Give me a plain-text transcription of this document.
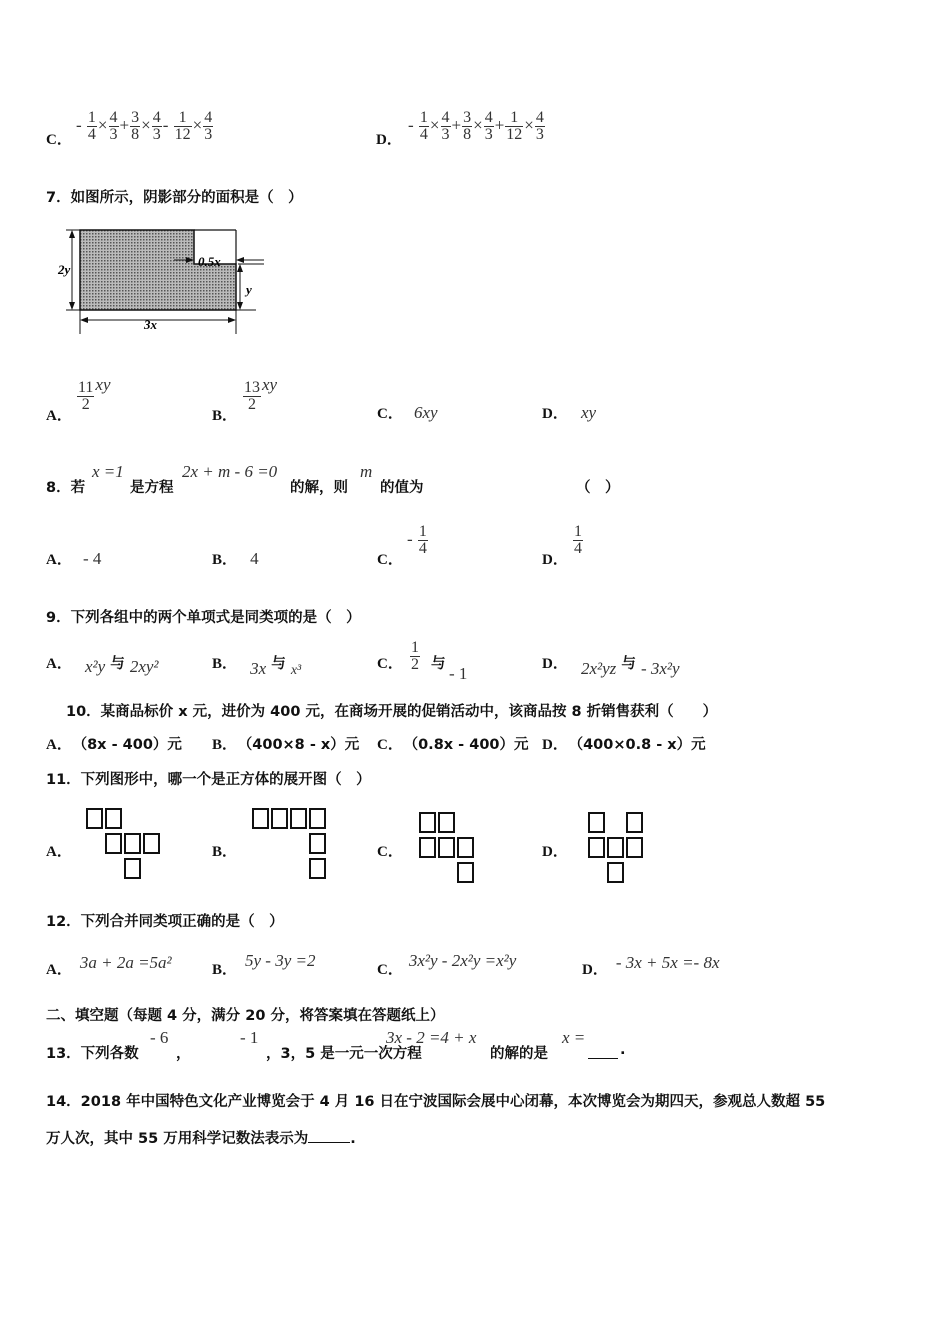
C．
- $\frac{1}{4} \times \frac{4}{3} + \frac{3}{8} \times \frac{4}{3} - \frac{1}{12} \times \frac{4}{3}$	D．
- $\frac{1}{4} \times \frac{4}{3} + \frac{3}{8} \times \frac{4}{3} + \frac{1}{12} \times \frac{4}{3}$
7．如图所示，阴影部分的面积是（　）
2y
0.5x
y
3x
A．
$\frac{11}{2}$ xy
B．
$\frac{13}{2}$ xy
C． 6xy	D． xy
8．若
x =1
是方程
2x + m - 6 =0
的解，则
m
的值为	（　）
A． - 4	B． 4	C．
- $\frac{1}{4}$
D．
$\frac{1}{4}$
9．下列各组中的两个单项式是同类项的是（　）
A． x²y 与 2xy²	B． 3x 与 x³	C． $\frac{1}{2}$ 与 - 1	D． 2x²yz 与 - 3x²y
10．某商品标价 x 元，进价为 400 元，在商场开展的促销活动中，该商品按 8 折销售获利（　　）
A． （8x - 400）元 B． （400×8 - x）元 C． （0.8x - 400）元 D． （400×0.8 - x）元
11．下列图形中，哪一个是正方体的展开图（　）
A．	B．	C．	D．
12．下列合并同类项正确的是（　）
A． 3a + 2a =5a²	B． 5y - 3y =2	C． 3x²y - 2x²y =x²y	D． - 3x + 5x =- 8x
二、填空题（每题 4 分，满分 20 分，将答案填在答题纸上）
13．下列各数
- 6
，
- 1
，3，5 是一元一次方程
3x - 2 =4 + x
的解的是
x =
.
14．2018 年中国特色文化产业博览会于 4 月 16 日在宁波国际会展中心闭幕，本次博览会为期四天，参观总人数超 55
万人次，其中 55 万用科学记数法表示为	.
